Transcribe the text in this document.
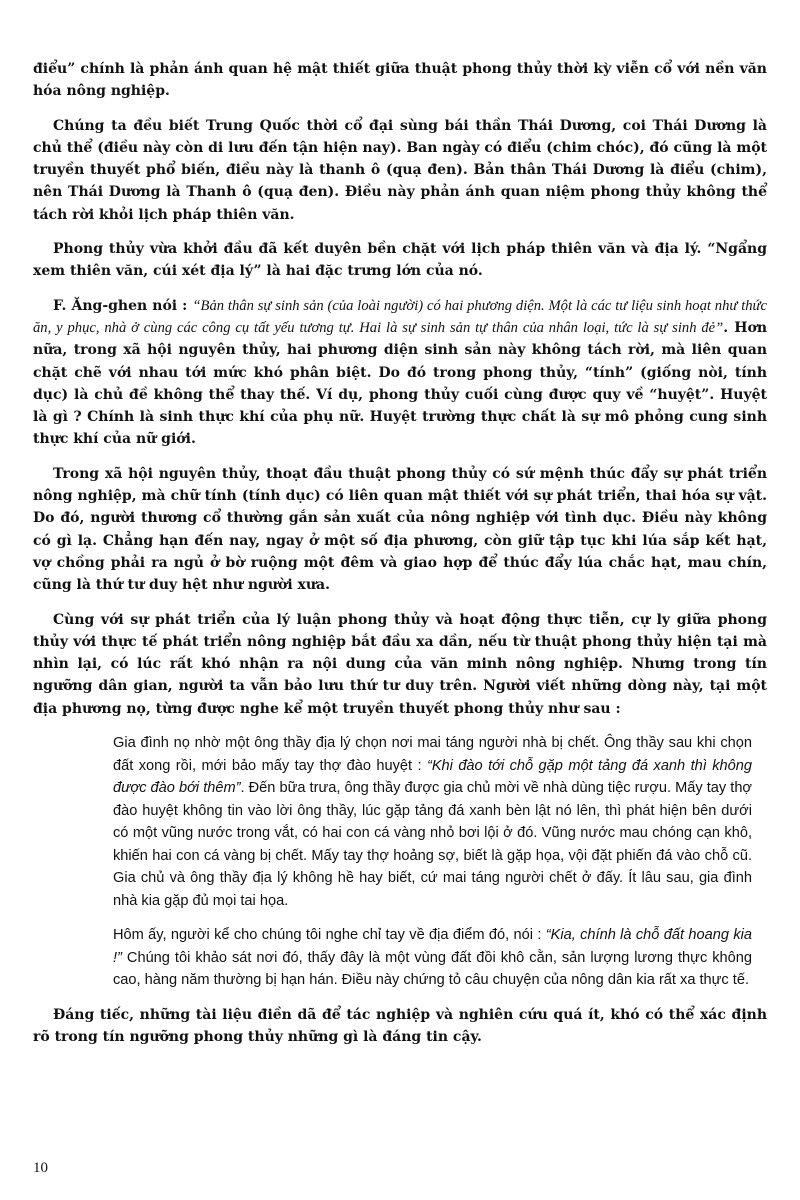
điểu” chính là phản ánh quan hệ mật thiết giữa thuật phong thủy thời kỳ viễn cổ với nền văn hóa nông nghiệp.

Chúng ta đều biết Trung Quốc thời cổ đại sùng bái thần Thái Dương, coi Thái Dương là chủ thể (điều này còn di lưu đến tận hiện nay). Ban ngày có điểu (chim chóc), đó cũng là một truyền thuyết phổ biến, điều này là thanh ô (quạ đen). Bản thân Thái Dương là điểu (chim), nên Thái Dương là Thanh ô (quạ đen). Điều này phản ánh quan niệm phong thủy không thể tách rời khỏi lịch pháp thiên văn.

Phong thủy vừa khởi đầu đã kết duyên bền chặt với lịch pháp thiên văn và địa lý. “Ngẩng xem thiên văn, cúi xét địa lý” là hai đặc trưng lớn của nó.

F. Ăng-ghen nói : “Bản thân sự sinh sản (của loài người) có hai phương diện. Một là các tư liệu sinh hoạt như thức ăn, y phục, nhà ở cùng các công cụ tất yếu tương tự. Hai là sự sinh sản tự thân của nhân loại, tức là sự sinh đẻ”. Hơn nữa, trong xã hội nguyên thủy, hai phương diện sinh sản này không tách rời, mà liên quan chặt chẽ với nhau tới mức khó phân biệt. Do đó trong phong thủy, “tính” (giống nòi, tính dục) là chủ đề không thể thay thế. Ví dụ, phong thủy cuối cùng được quy về “huyệt”. Huyệt là gì ? Chính là sinh thực khí của phụ nữ. Huyệt trường thực chất là sự mô phỏng cung sinh thực khí của nữ giới.

Trong xã hội nguyên thủy, thoạt đầu thuật phong thủy có sứ mệnh thúc đẩy sự phát triển nông nghiệp, mà chữ tính (tính dục) có liên quan mật thiết với sự phát triển, thai hóa sự vật. Do đó, người thương cổ thường gắn sản xuất của nông nghiệp với tình dục. Điều này không có gì lạ. Chẳng hạn đến nay, ngay ở một số địa phương, còn giữ tập tục khi lúa sắp kết hạt, vợ chồng phải ra ngủ ở bờ ruộng một đêm và giao hợp để thúc đẩy lúa chắc hạt, mau chín, cũng là thứ tư duy hệt như người xưa.

Cùng với sự phát triển của lý luận phong thủy và hoạt động thực tiễn, cự ly giữa phong thủy với thực tế phát triển nông nghiệp bắt đầu xa dần, nếu từ thuật phong thủy hiện tại mà nhìn lại, có lúc rất khó nhận ra nội dung của văn minh nông nghiệp. Nhưng trong tín ngưỡng dân gian, người ta vẫn bảo lưu thứ tư duy trên. Người viết những dòng này, tại một địa phương nọ, từng được nghe kể một truyền thuyết phong thủy như sau :

Gia đình nọ nhờ một ông thầy địa lý chọn nơi mai táng người nhà bị chết. Ông thầy sau khi chọn đất xong rồi, mới bảo mấy tay thợ đào huyệt : “Khi đào tới chỗ gặp một tảng đá xanh thì không được đào bới thêm”. Đến bữa trưa, ông thầy được gia chủ mời về nhà dùng tiệc rượu. Mấy tay thợ đào huyệt không tin vào lời ông thầy, lúc gặp tảng đá xanh bèn lật nó lên, thì phát hiện bên dưới có một vũng nước trong vắt, có hai con cá vàng nhỏ bơi lội ở đó. Vũng nước mau chóng cạn khô, khiến hai con cá vàng bị chết. Mấy tay thợ hoảng sợ, biết là gặp họa, vội đặt phiến đá vào chỗ cũ. Gia chủ và ông thầy địa lý không hề hay biết, cứ mai táng người chết ở đấy. Ít lâu sau, gia đình nhà kia gặp đủ mọi tai họa.

Hôm ấy, người kể cho chúng tôi nghe chỉ tay về địa điểm đó, nói : “Kia, chính là chỗ đất hoang kia !” Chúng tôi khảo sát nơi đó, thấy đây là một vùng đất đồi khô cằn, sản lượng lương thực không cao, hàng năm thường bị hạn hán. Điều này chứng tỏ câu chuyện của nông dân kia rất xa thực tế.

Đáng tiếc, những tài liệu điền dã để tác nghiệp và nghiên cứu quá ít, khó có thể xác định rõ trong tín ngưỡng phong thủy những gì là đáng tin cậy.

10
